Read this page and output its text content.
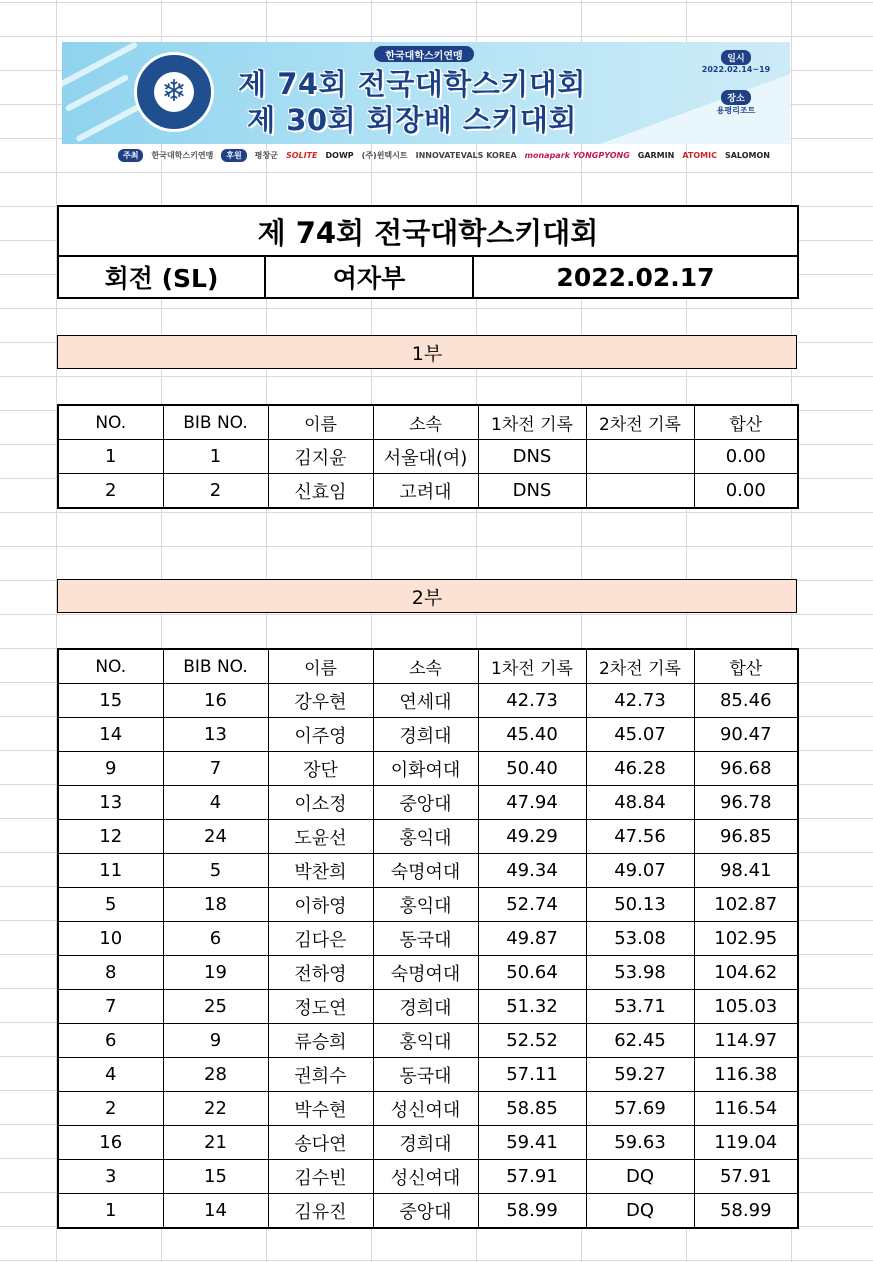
❄
한국대학스키연맹
제 74회 전국대학스키대회
제 30회 회장배 스키대회
일시
2022.02.14~19
장소
용평리조트
주최	한국대학스키연맹	후원	평창군 SOLITE DOWP (주)윈텍시트 INNOVATEVALS KOREA monapark YONGPYONG GARMIN ATOMIC SALOMON
제 74회 전국대학스키대회
회전 (SL)	여자부	2022.02.17
1부
NO.	BIB NO.	이름	소속	1차전 기록	2차전 기록	합산
1	1	김지윤	서울대(여)	DNS		0.00
2	2	신효임	고려대	DNS		0.00
2부
NO.	BIB NO.	이름	소속	1차전 기록	2차전 기록	합산
15	16	강우현	연세대	42.73	42.73	85.46
14	13	이주영	경희대	45.40	45.07	90.47
9	7	장단	이화여대	50.40	46.28	96.68
13	4	이소정	중앙대	47.94	48.84	96.78
12	24	도윤선	홍익대	49.29	47.56	96.85
11	5	박찬희	숙명여대	49.34	49.07	98.41
5	18	이하영	홍익대	52.74	50.13	102.87
10	6	김다은	동국대	49.87	53.08	102.95
8	19	전하영	숙명여대	50.64	53.98	104.62
7	25	정도연	경희대	51.32	53.71	105.03
6	9	류승희	홍익대	52.52	62.45	114.97
4	28	권희수	동국대	57.11	59.27	116.38
2	22	박수현	성신여대	58.85	57.69	116.54
16	21	송다연	경희대	59.41	59.63	119.04
3	15	김수빈	성신여대	57.91	DQ	57.91
1	14	김유진	중앙대	58.99	DQ	58.99
